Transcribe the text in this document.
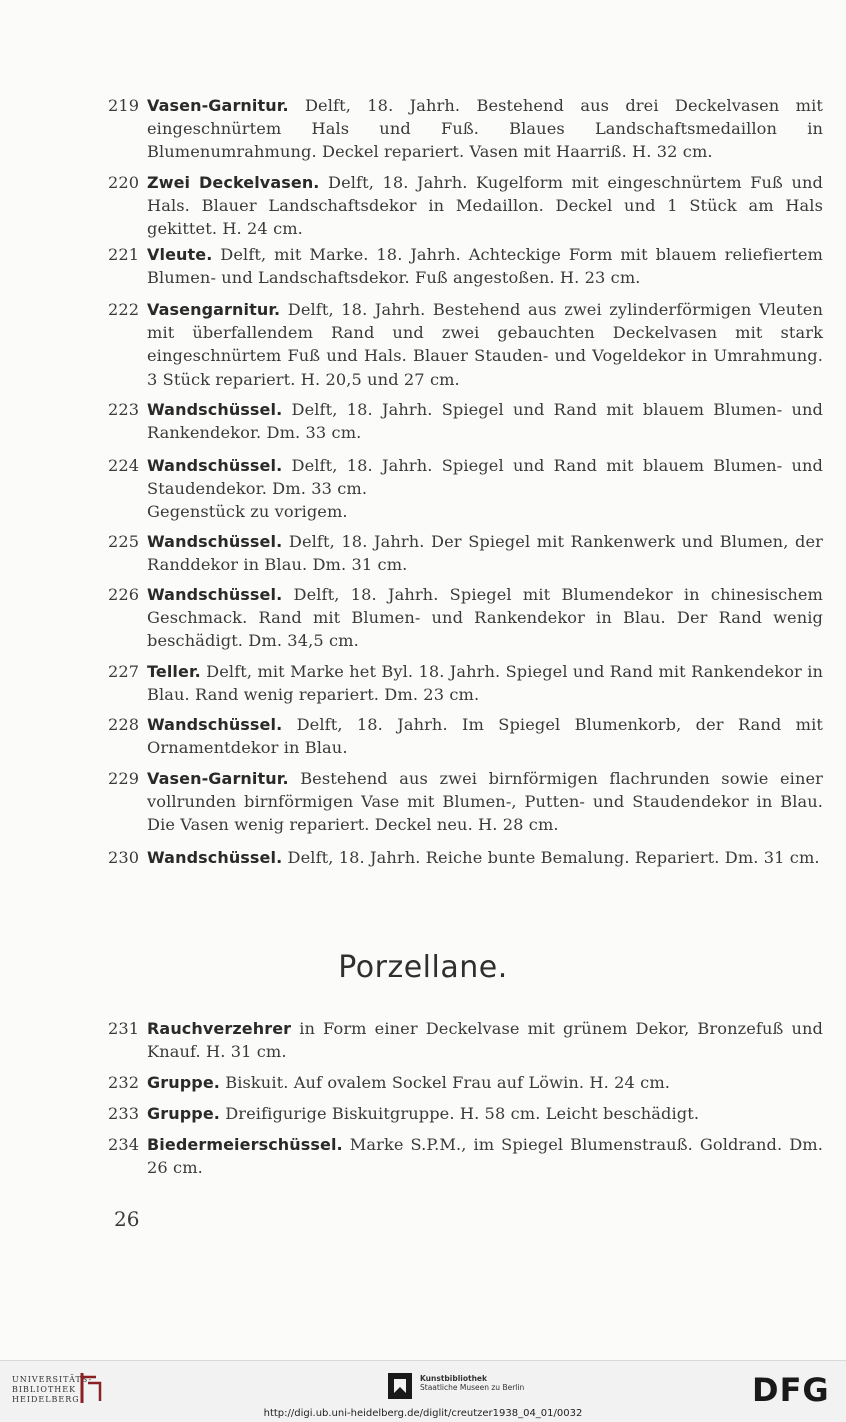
219 Vasen-Garnitur. Delft, 18. Jahrh. Bestehend aus drei Deckelvasen mit eingeschnürtem Hals und Fuß. Blaues Landschaftsmedaillon in Blumenumrahmung. Deckel repariert. Vasen mit Haarriß. H. 32 cm.
220 Zwei Deckelvasen. Delft, 18. Jahrh. Kugelform mit eingeschnürtem Fuß und Hals. Blauer Landschaftsdekor in Medaillon. Deckel und 1 Stück am Hals gekittet. H. 24 cm.
221 Vleute. Delft, mit Marke. 18. Jahrh. Achteckige Form mit blauem reliefiertem Blumen- und Landschaftsdekor. Fuß angestoßen. H. 23 cm.
222 Vasengarnitur. Delft, 18. Jahrh. Bestehend aus zwei zylinderförmigen Vleuten mit überfallendem Rand und zwei gebauchten Deckelvasen mit stark eingeschnürtem Fuß und Hals. Blauer Stauden- und Vogeldekor in Umrahmung. 3 Stück repariert. H. 20,5 und 27 cm.
223 Wandschüssel. Delft, 18. Jahrh. Spiegel und Rand mit blauem Blumen- und Rankendekor. Dm. 33 cm.
224 Wandschüssel. Delft, 18. Jahrh. Spiegel und Rand mit blauem Blumen- und Staudendekor. Dm. 33 cm.
Gegenstück zu vorigem.
225 Wandschüssel. Delft, 18. Jahrh. Der Spiegel mit Rankenwerk und Blumen, der Randdekor in Blau. Dm. 31 cm.
226 Wandschüssel. Delft, 18. Jahrh. Spiegel mit Blumendekor in chinesischem Geschmack. Rand mit Blumen- und Rankendekor in Blau. Der Rand wenig beschädigt. Dm. 34,5 cm.
227 Teller. Delft, mit Marke het Byl. 18. Jahrh. Spiegel und Rand mit Rankendekor in Blau. Rand wenig repariert. Dm. 23 cm.
228 Wandschüssel. Delft, 18. Jahrh. Im Spiegel Blumenkorb, der Rand mit Ornamentdekor in Blau.
229 Vasen-Garnitur. Bestehend aus zwei birnförmigen flachrunden sowie einer vollrunden birnförmigen Vase mit Blumen-, Putten- und Staudendekor in Blau. Die Vasen wenig repariert. Deckel neu. H. 28 cm.
230 Wandschüssel. Delft, 18. Jahrh. Reiche bunte Bemalung. Repariert. Dm. 31 cm.
Porzellane.
231 Rauchverzehrer in Form einer Deckelvase mit grünem Dekor, Bronzefuß und Knauf. H. 31 cm.
232 Gruppe. Biskuit. Auf ovalem Sockel Frau auf Löwin. H. 24 cm.
233 Gruppe. Dreifigurige Biskuitgruppe. H. 58 cm. Leicht beschädigt.
234 Biedermeierschüssel. Marke S.P.M., im Spiegel Blumenstrauß. Goldrand. Dm. 26 cm.
26
UNIVERSITÄTS-
BIBLIOTHEK
HEIDELBERG
Kunstbibliothek
Staatliche Museen zu Berlin	DFG
http://digi.ub.uni-heidelberg.de/diglit/creutzer1938_04_01/0032
